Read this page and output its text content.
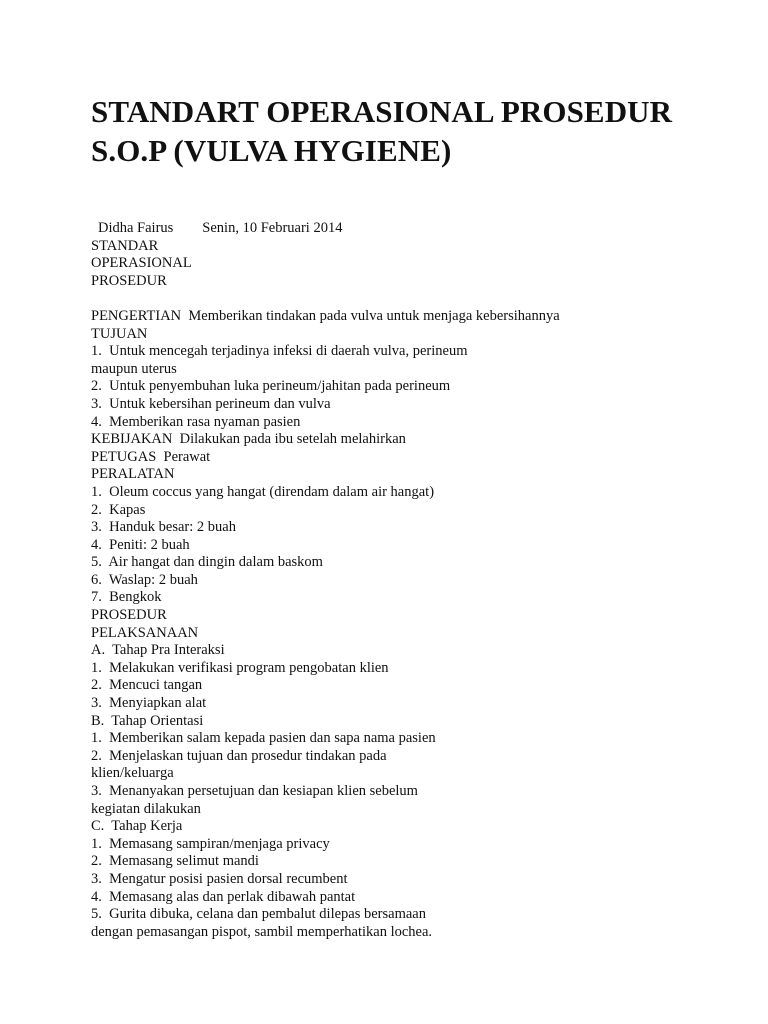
STANDART OPERASIONAL PROSEDUR
S.O.P (VULVA HYGIENE)
Didha Fairus        Senin, 10 Februari 2014
STANDAR
OPERASIONAL
PROSEDUR
PENGERTIAN  Memberikan tindakan pada vulva untuk menjaga kebersihannya
TUJUAN
1.  Untuk mencegah terjadinya infeksi di daerah vulva, perineum
maupun uterus
2.  Untuk penyembuhan luka perineum/jahitan pada perineum
3.  Untuk kebersihan perineum dan vulva
4.  Memberikan rasa nyaman pasien
KEBIJAKAN  Dilakukan pada ibu setelah melahirkan
PETUGAS  Perawat
PERALATAN
1.  Oleum coccus yang hangat (direndam dalam air hangat)
2.  Kapas
3.  Handuk besar: 2 buah
4.  Peniti: 2 buah
5.  Air hangat dan dingin dalam baskom
6.  Waslap: 2 buah
7.  Bengkok
PROSEDUR
PELAKSANAAN
A.  Tahap Pra Interaksi
1.  Melakukan verifikasi program pengobatan klien
2.  Mencuci tangan
3.  Menyiapkan alat
B.  Tahap Orientasi
1.  Memberikan salam kepada pasien dan sapa nama pasien
2.  Menjelaskan tujuan dan prosedur tindakan pada
klien/keluarga
3.  Menanyakan persetujuan dan kesiapan klien sebelum
kegiatan dilakukan
C.  Tahap Kerja
1.  Memasang sampiran/menjaga privacy
2.  Memasang selimut mandi
3.  Mengatur posisi pasien dorsal recumbent
4.  Memasang alas dan perlak dibawah pantat
5.  Gurita dibuka, celana dan pembalut dilepas bersamaan
dengan pemasangan pispot, sambil memperhatikan lochea.
